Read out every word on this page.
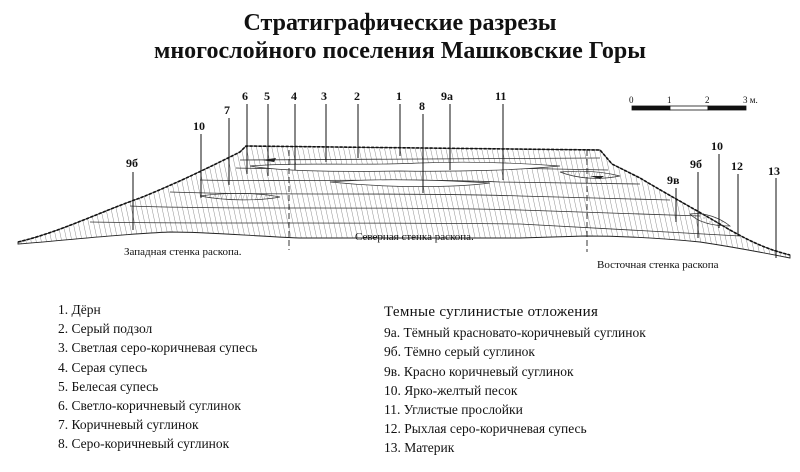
Стратиграфические разрезы
многослойного поселения Машковские Горы
9б
10
7
6 5 4 3 2	1
8
9а	11
9в
9б
10
12 13
Западная стенка раскопа.
Северная стенка раскопа.
Восточная стенка раскопа
0	1	2	3 м.
1. Дёрн
2. Серый подзол
3. Светлая серо-коричневая супесь
4. Серая супесь
5. Белесая супесь
6. Светло-коричневый суглинок
7. Коричневый суглинок
8. Серо-коричневый суглинок
Темные суглинистые отложения
9а. Тёмный красновато-коричневый суглинок
9б. Тёмно серый суглинок
9в. Красно коричневый суглинок
10. Ярко-желтый песок
11. Углистые прослойки
12. Рыхлая серо-коричневая супесь
13. Материк
